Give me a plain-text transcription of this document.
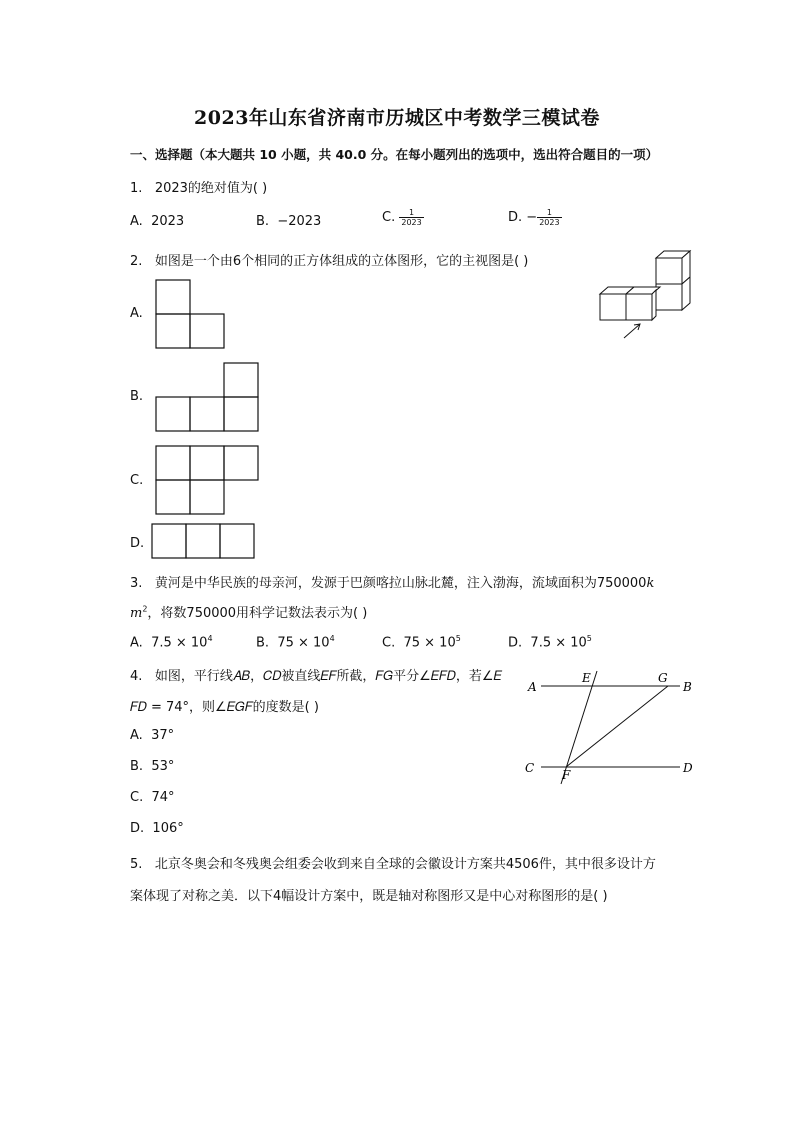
2023年山东省济南市历城区中考数学三模试卷
一、选择题（本大题共 10 小题，共 40.0 分。在每小题列出的选项中，选出符合题目的一项）
1. 2023的绝对值为( )
A. 2023	B. −2023	C. $\frac{1}{2023}$	D. − $\frac{1}{2023}$
2. 如图是一个由6个相同的正方体组成的立体图形，它的主视图是( )
A.
B.
C.
D.
3. 黄河是中华民族的母亲河，发源于巴颜喀拉山脉北麓，注入渤海，流域面积为750000k
$m^2$，将数750000用科学记数法表示为( )
A. $7.5 \times 10^4$	B. $75 \times 10^4$	C. $75 \times 10^5$	D. $7.5 \times 10^5$
4. 如图，平行线𝐴𝐵，𝐶𝐷被直线𝐸𝐹所截，𝐹𝐺平分∠𝐸𝐹𝐷，若∠𝐸
𝐹𝐷 = 74°，则∠𝐸𝐺𝐹的度数是( )
A. 37°
B. 53°
C. 74°
D. 106°
A	B
C	D
E
F
G
5. 北京冬奥会和冬残奥会组委会收到来自全球的会徽设计方案共4506件，其中很多设计方
案体现了对称之美．以下4幅设计方案中，既是轴对称图形又是中心对称图形的是( )
